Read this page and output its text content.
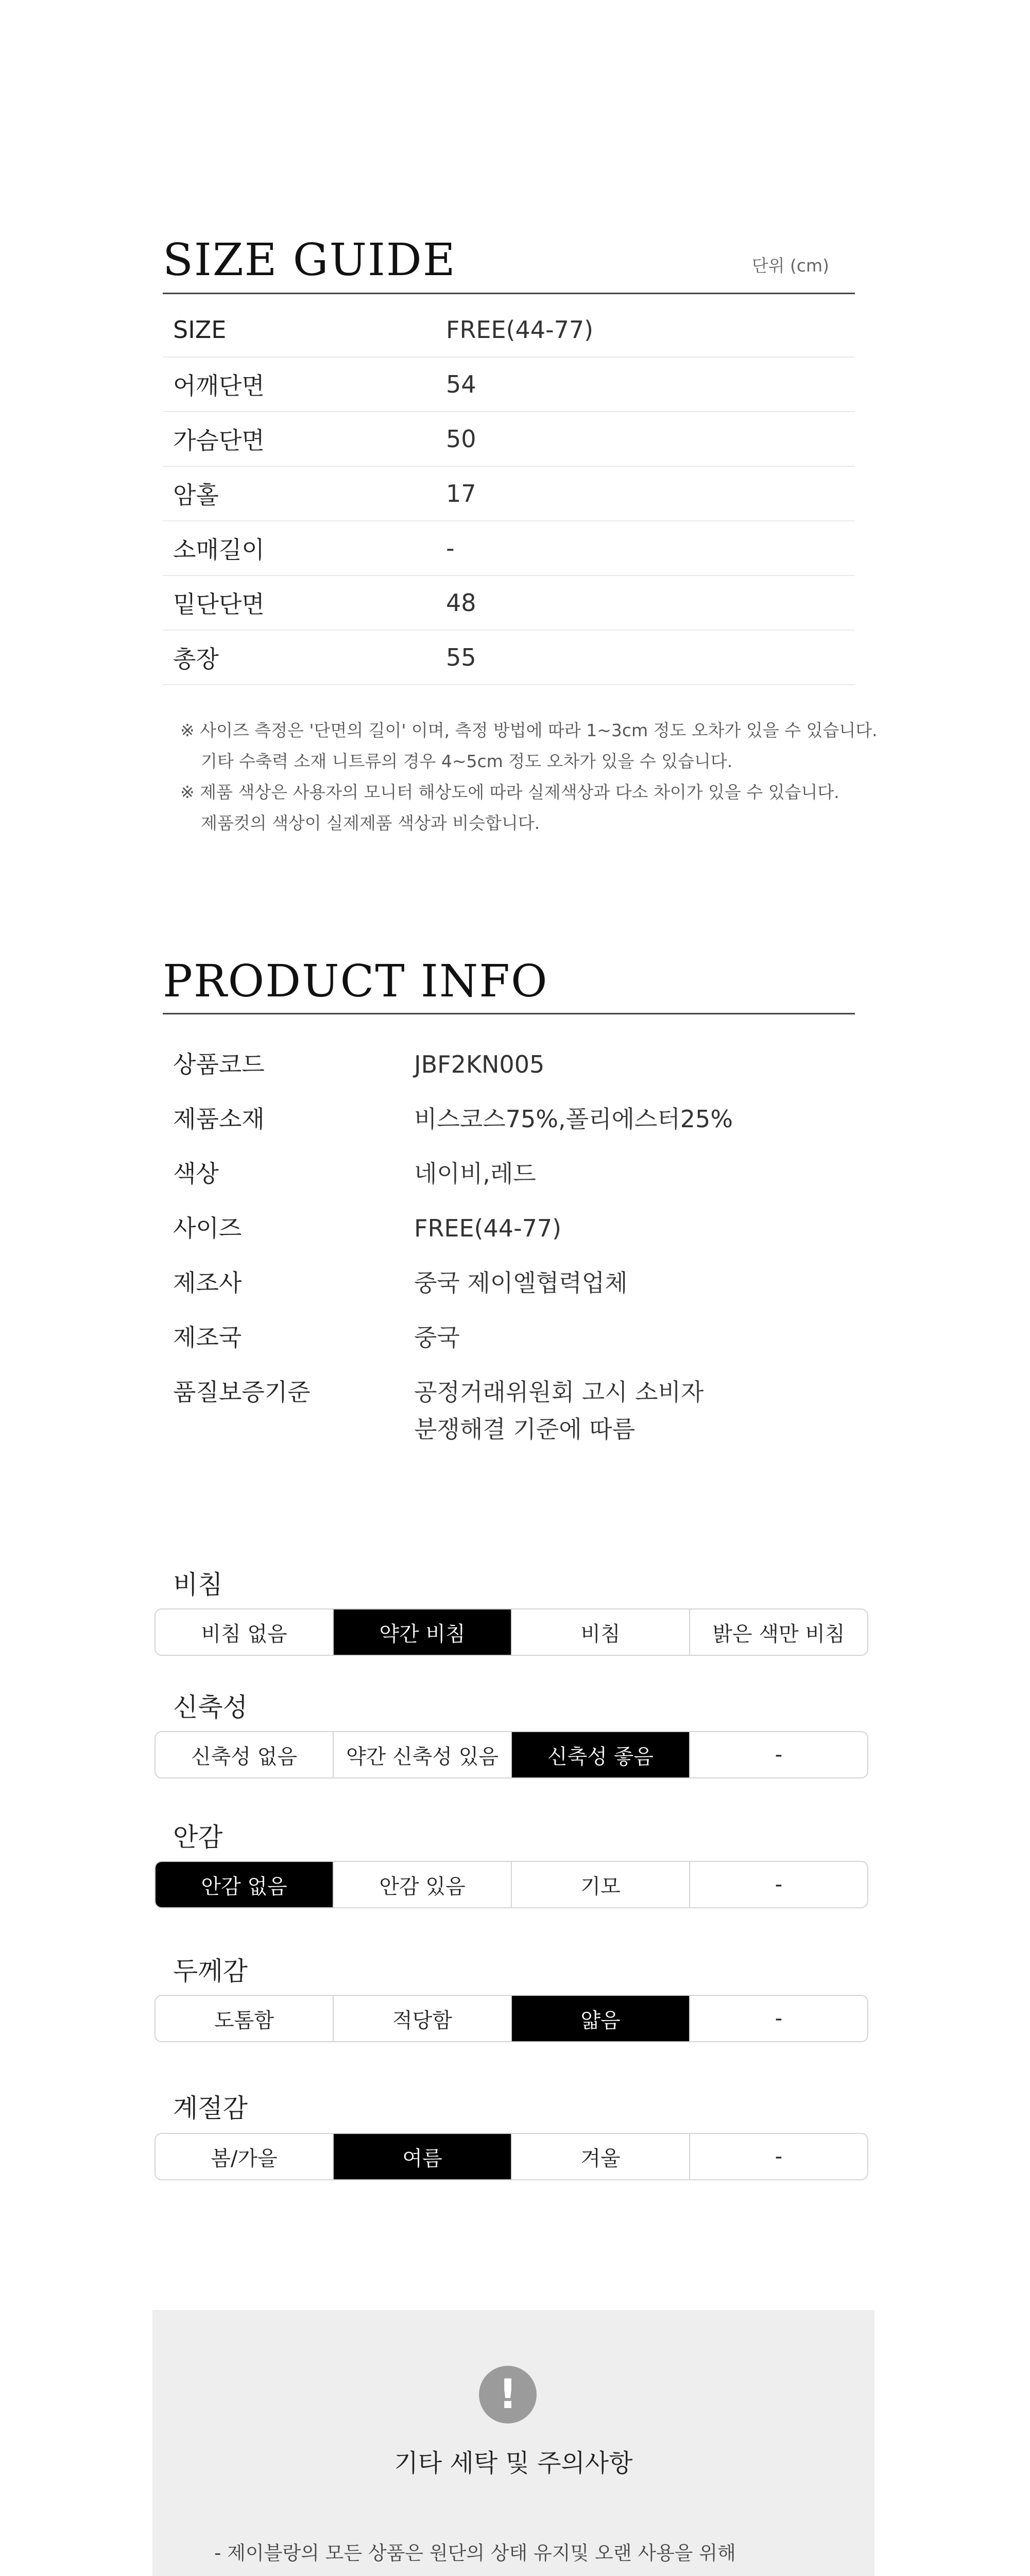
SIZE GUIDE	단위 (cm)
SIZE	FREE(44-77)
어깨단면	54
가슴단면	50
암홀	17
소매길이	-
밑단단면	48
총장	55
※ 사이즈 측정은 '단면의 길이' 이며, 측정 방법에 따라 1~3cm 정도 오차가 있을 수 있습니다.
기타 수축력 소재 니트류의 경우 4~5cm 정도 오차가 있을 수 있습니다.
※ 제품 색상은 사용자의 모니터 해상도에 따라 실제색상과 다소 차이가 있을 수 있습니다.
제품컷의 색상이 실제제품 색상과 비슷합니다.
PRODUCT INFO
상품코드	JBF2KN005
제품소재	비스코스75%,폴리에스터25%
색상	네이비,레드
사이즈	FREE(44-77)
제조사	중국 제이엘협력업체
제조국	중국
품질보증기준	공정거래위원회 고시 소비자
분쟁해결 기준에 따름
비침
비침 없음	약간 비침	비침	밝은 색만 비침
신축성
신축성 없음	약간 신축성 있음	신축성 좋음	-
안감
안감 없음	안감 있음	기모	-
두께감
도톰함	적당함	얇음	-
계절감
봄/가을	여름	겨울	-
!
기타 세탁 및 주의사항
- 제이블랑의 모든 상품은 원단의 상태 유지및 오랜 사용을 위해
